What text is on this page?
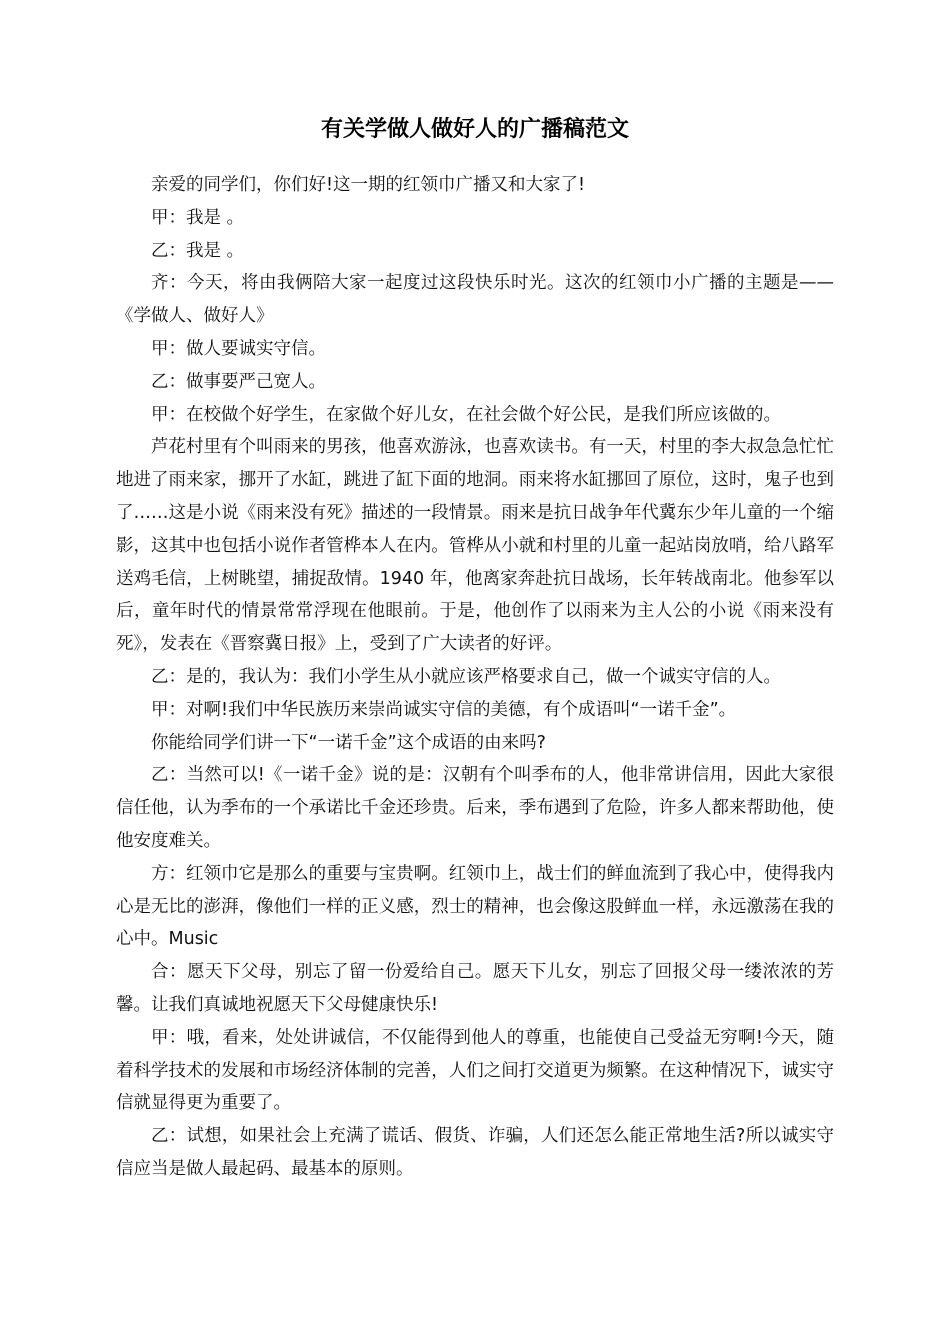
有关学做人做好人的广播稿范文

亲爱的同学们，你们好!这一期的红领巾广播又和大家了!

甲：我是 。

乙：我是 。

齐：今天，将由我俩陪大家一起度过这段快乐时光。这次的红领巾小广播的主题是——《学做人、做好人》

甲：做人要诚实守信。

乙：做事要严己宽人。

甲：在校做个好学生，在家做个好儿女，在社会做个好公民，是我们所应该做的。

芦花村里有个叫雨来的男孩，他喜欢游泳，也喜欢读书。有一天，村里的李大叔急急忙忙地进了雨来家，挪开了水缸，跳进了缸下面的地洞。雨来将水缸挪回了原位，这时，鬼子也到了……这是小说《雨来没有死》描述的一段情景。雨来是抗日战争年代冀东少年儿童的一个缩影，这其中也包括小说作者管桦本人在内。管桦从小就和村里的儿童一起站岗放哨，给八路军送鸡毛信，上树眺望，捕捉敌情。1940 年，他离家奔赴抗日战场，长年转战南北。他参军以后，童年时代的情景常常浮现在他眼前。于是，他创作了以雨来为主人公的小说《雨来没有死》，发表在《晋察冀日报》上，受到了广大读者的好评。

乙：是的，我认为：我们小学生从小就应该严格要求自己，做一个诚实守信的人。

甲：对啊!我们中华民族历来崇尚诚实守信的美德，有个成语叫“一诺千金”。

你能给同学们讲一下“一诺千金”这个成语的由来吗?

乙：当然可以!《一诺千金》说的是：汉朝有个叫季布的人，他非常讲信用，因此大家很信任他，认为季布的一个承诺比千金还珍贵。后来，季布遇到了危险，许多人都来帮助他，使他安度难关。

方：红领巾它是那么的重要与宝贵啊。红领巾上，战士们的鲜血流到了我心中，使得我内心是无比的澎湃，像他们一样的正义感，烈士的精神，也会像这股鲜血一样，永远激荡在我的心中。Music

合：愿天下父母，别忘了留一份爱给自己。愿天下儿女，别忘了回报父母一缕浓浓的芳馨。让我们真诚地祝愿天下父母健康快乐!

甲：哦，看来，处处讲诚信，不仅能得到他人的尊重，也能使自己受益无穷啊!今天，随着科学技术的发展和市场经济体制的完善，人们之间打交道更为频繁。在这种情况下，诚实守信就显得更为重要了。

乙：试想，如果社会上充满了谎话、假货、诈骗，人们还怎么能正常地生活?所以诚实守信应当是做人最起码、最基本的原则。
